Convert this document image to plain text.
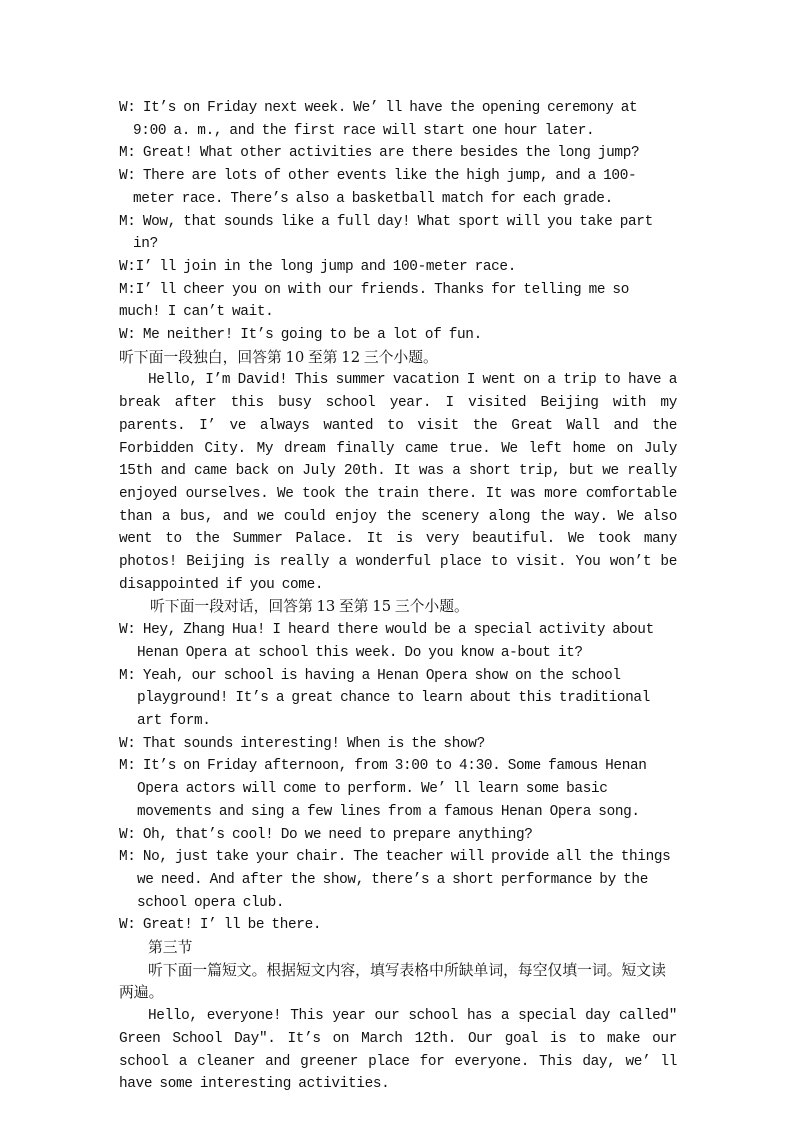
W: It’s on Friday next week. We’ ll have the opening ceremony at 9:00 a. m., and the first race will start one hour later.

M: Great! What other activities are there besides the long jump?

W: There are lots of other events like the high jump, and a 100-meter race. There’s also a basketball match for each grade.

M: Wow, that sounds like a full day! What sport will you take part in?

W:I’ ll join in the long jump and 100-meter race.

M:I’ ll cheer you on with our friends. Thanks for telling me so much! I can’t wait.

W: Me neither! It’s going to be a lot of fun.

听下面一段独白，回答第 10 至第 12 三个小题。

Hello, I’m David! This summer vacation I went on a trip to have a break after this busy school year. I visited Beijing with my parents. I’ ve always wanted to visit the Great Wall and the Forbidden City. My dream finally came true. We left home on July 15th and came back on July 20th. It was a short trip, but we really enjoyed ourselves. We took the train there. It was more comfortable than a bus, and we could enjoy the scenery along the way. We also went to the Summer Palace. It is very beautiful. We took many photos! Beijing is really a wonderful place to visit. You won’t be disappointed if you come.

听下面一段对话，回答第 13 至第 15 三个小题。

W: Hey, Zhang Hua! I heard there would be a special activity about Henan Opera at school this week. Do you know a-bout it?

M: Yeah, our school is having a Henan Opera show on the school playground! It’s a great chance to learn about this traditional art form.

W: That sounds interesting! When is the show?

M: It’s on Friday afternoon, from 3:00 to 4:30. Some famous Henan Opera actors will come to perform. We’ ll learn some basic movements and sing a few lines from a famous Henan Opera song.

W: Oh, that’s cool! Do we need to prepare anything?

M: No, just take your chair. The teacher will provide all the things we need. And after the show, there’s a short performance by the school opera club.

W: Great! I’ ll be there.

第三节

听下面一篇短文。根据短文内容，填写表格中所缺单词，每空仅填一词。短文读两遍。

Hello, everyone! This year our school has a special day called" Green School Day". It’s on March 12th. Our goal is to make our school a cleaner and greener place for everyone. This day, we’ ll have some interesting activities.
